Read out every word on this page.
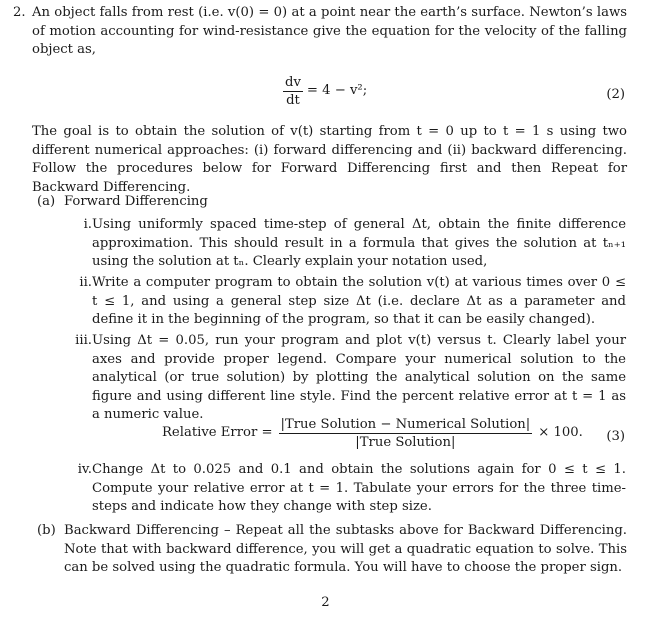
2. An object falls from rest (i.e. v(0) = 0) at a point near the earth’s surface. Newton’s laws of motion accounting for wind-resistance give the equation for the velocity of the falling object as,
$\frac{dv}{dt} = 4 - v^2$;	(2)
The goal is to obtain the solution of v(t) starting from t = 0 up to t = 1 s using two different numerical approaches: (i) forward differencing and (ii) backward differencing. Follow the procedures below for Forward Differencing first and then Repeat for Backward Differencing.
(a) Forward Differencing
i. Using uniformly spaced time-step of general Δt, obtain the finite difference approximation. This should result in a formula that gives the solution at tₙ₊₁ using the solution at tₙ. Clearly explain your notation used,
ii. Write a computer program to obtain the solution v(t) at various times over 0 ≤ t ≤ 1, and using a general step size Δt (i.e. declare Δt as a parameter and define it in the beginning of the program, so that it can be easily changed).
iii. Using Δt = 0.05, run your program and plot v(t) versus t. Clearly label your axes and provide proper legend. Compare your numerical solution to the analytical (or true solution) by plotting the analytical solution on the same figure and using different line style. Find the percent relative error at t = 1 as a numeric value.
Relative Error = $\frac{\text{|True Solution − Numerical Solution|}}{\text{|True Solution|}} \times 100$. (3)
iv. Change Δt to 0.025 and 0.1 and obtain the solutions again for 0 ≤ t ≤ 1. Compute your relative error at t = 1. Tabulate your errors for the three time-steps and indicate how they change with step size.
(b) Backward Differencing – Repeat all the subtasks above for Backward Differencing. Note that with backward difference, you will get a quadratic equation to solve. This can be solved using the quadratic formula. You will have to choose the proper sign.
2
